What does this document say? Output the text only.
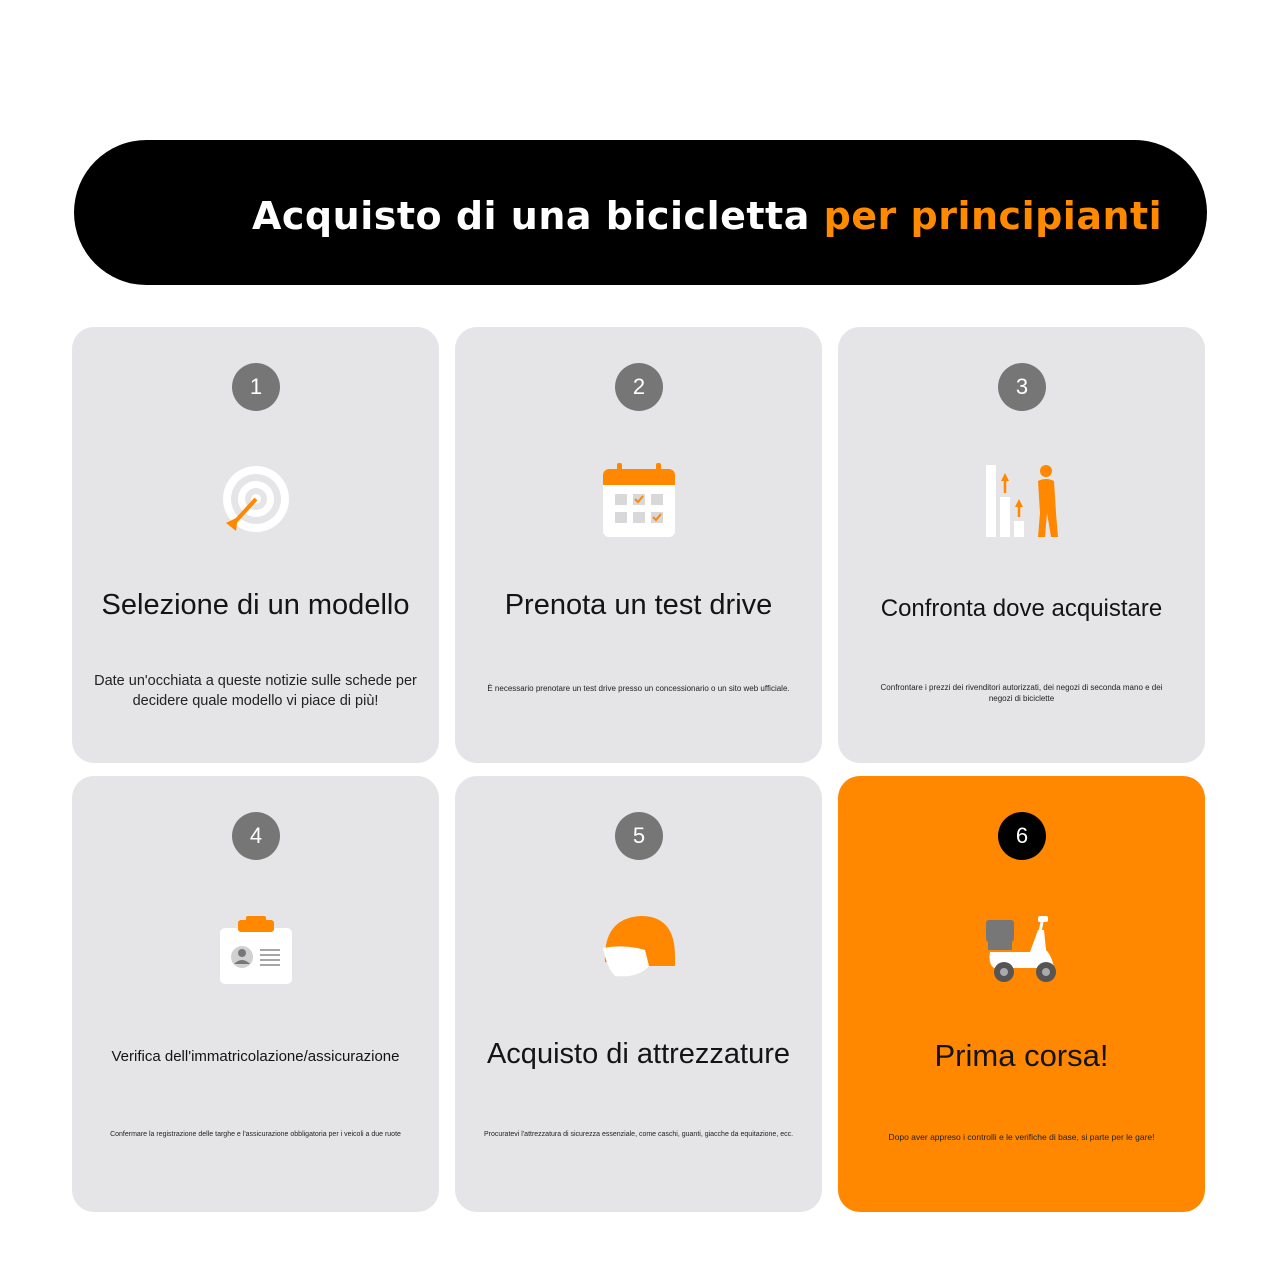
Acquisto di una bicicletta per principianti
1
Selezione di un modello
Date un'occhiata a queste notizie sulle schede per decidere quale modello vi piace di più!
2
Prenota un test drive
È necessario prenotare un test drive presso un concessionario o un sito web ufficiale.
3
Confronta dove acquistare
Confrontare i prezzi dei rivenditori autorizzati, dei negozi di seconda mano e dei negozi di biciclette
4
Verifica dell'immatricolazione/assicurazione
Confermare la registrazione delle targhe e l'assicurazione obbligatoria per i veicoli a due ruote
5
Acquisto di attrezzature
Procuratevi l'attrezzatura di sicurezza essenziale, come caschi, guanti, giacche da equitazione, ecc.
6
Prima corsa!
Dopo aver appreso i controlli e le verifiche di base, si parte per le gare!
